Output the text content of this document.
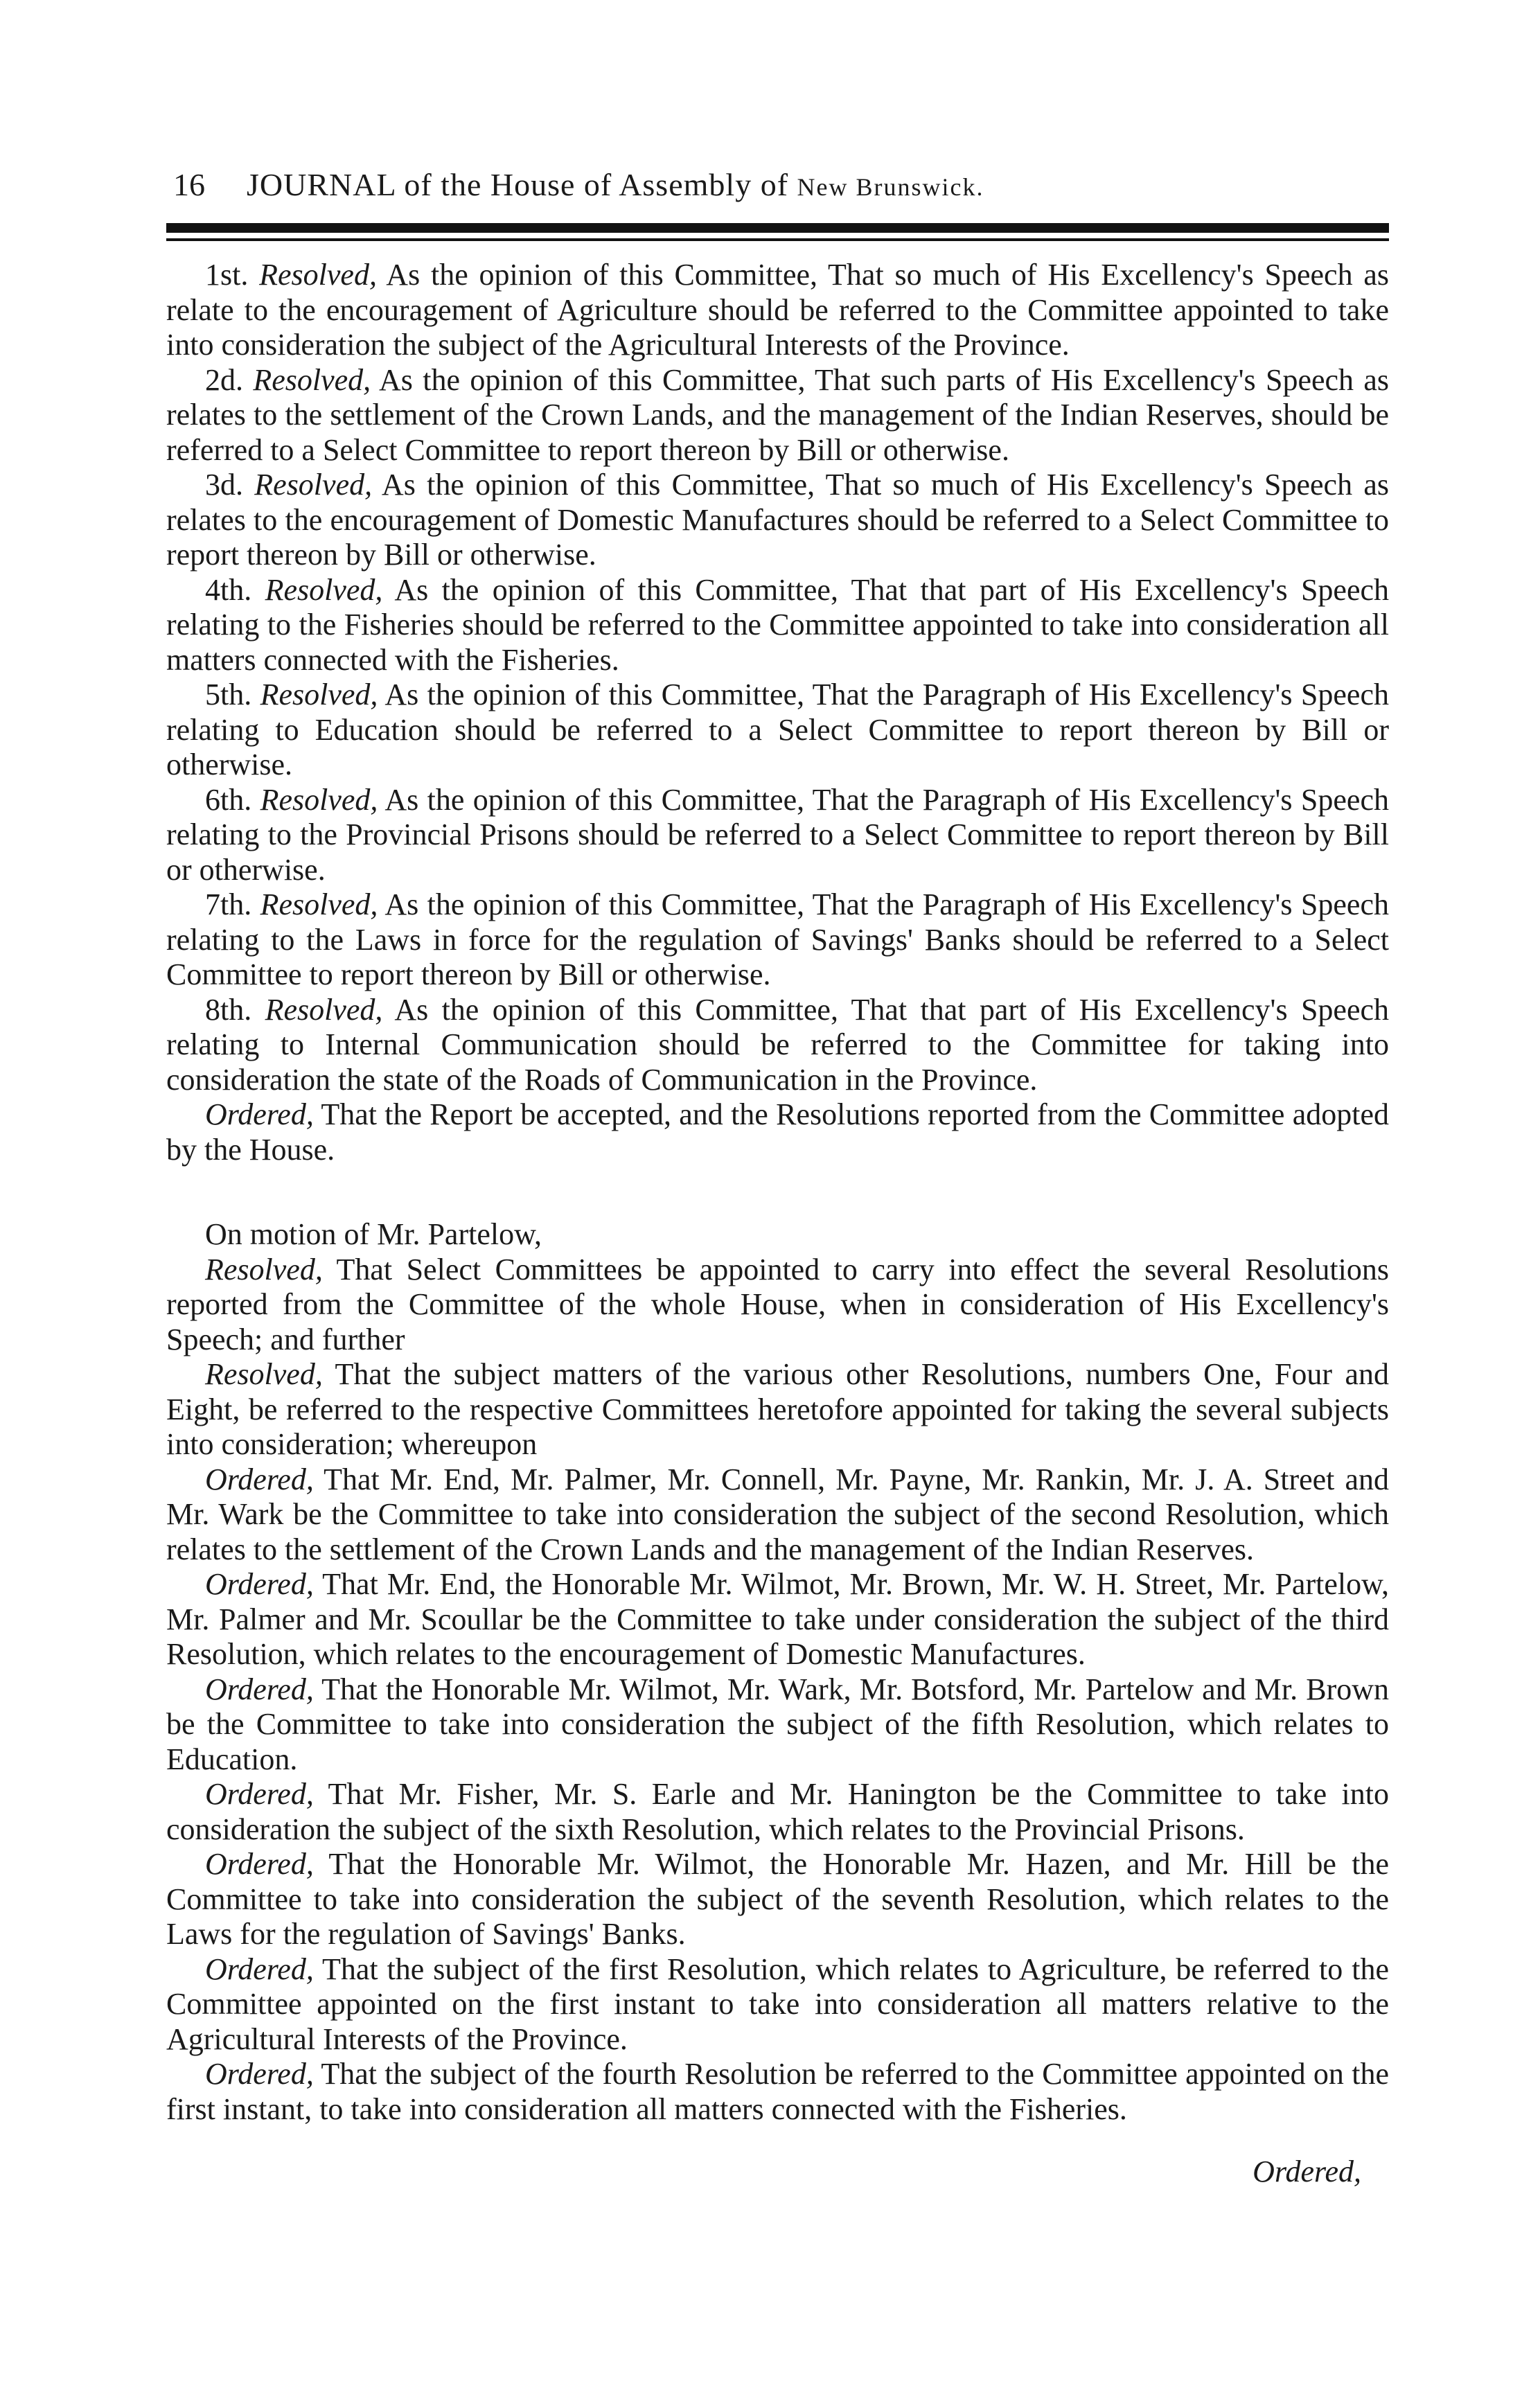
16 JOURNAL of the House of Assembly of New Brunswick.

1st. Resolved, As the opinion of this Committee, That so much of His Excellency's Speech as relate to the encouragement of Agriculture should be referred to the Committee appointed to take into consideration the subject of the Agricultural Interests of the Province.

2d. Resolved, As the opinion of this Committee, That such parts of His Excellency's Speech as relates to the settlement of the Crown Lands, and the management of the Indian Reserves, should be referred to a Select Committee to report thereon by Bill or otherwise.

3d. Resolved, As the opinion of this Committee, That so much of His Excellency's Speech as relates to the encouragement of Domestic Manufactures should be referred to a Select Committee to report thereon by Bill or otherwise.

4th. Resolved, As the opinion of this Committee, That that part of His Excellency's Speech relating to the Fisheries should be referred to the Committee appointed to take into consideration all matters connected with the Fisheries.

5th. Resolved, As the opinion of this Committee, That the Paragraph of His Excellency's Speech relating to Education should be referred to a Select Committee to report thereon by Bill or otherwise.

6th. Resolved, As the opinion of this Committee, That the Paragraph of His Excellency's Speech relating to the Provincial Prisons should be referred to a Select Committee to report thereon by Bill or otherwise.

7th. Resolved, As the opinion of this Committee, That the Paragraph of His Excellency's Speech relating to the Laws in force for the regulation of Savings' Banks should be referred to a Select Committee to report thereon by Bill or otherwise.

8th. Resolved, As the opinion of this Committee, That that part of His Excellency's Speech relating to Internal Communication should be referred to the Committee for taking into consideration the state of the Roads of Communication in the Province.

Ordered, That the Report be accepted, and the Resolutions reported from the Committee adopted by the House.

On motion of Mr. Partelow,

Resolved, That Select Committees be appointed to carry into effect the several Resolutions reported from the Committee of the whole House, when in consideration of His Excellency's Speech; and further

Resolved, That the subject matters of the various other Resolutions, numbers One, Four and Eight, be referred to the respective Committees heretofore appointed for taking the several subjects into consideration; whereupon

Ordered, That Mr. End, Mr. Palmer, Mr. Connell, Mr. Payne, Mr. Rankin, Mr. J. A. Street and Mr. Wark be the Committee to take into consideration the subject of the second Resolution, which relates to the settlement of the Crown Lands and the management of the Indian Reserves.

Ordered, That Mr. End, the Honorable Mr. Wilmot, Mr. Brown, Mr. W. H. Street, Mr. Partelow, Mr. Palmer and Mr. Scoullar be the Committee to take under consideration the subject of the third Resolution, which relates to the encouragement of Domestic Manufactures.

Ordered, That the Honorable Mr. Wilmot, Mr. Wark, Mr. Botsford, Mr. Partelow and Mr. Brown be the Committee to take into consideration the subject of the fifth Resolution, which relates to Education.

Ordered, That Mr. Fisher, Mr. S. Earle and Mr. Hanington be the Committee to take into consideration the subject of the sixth Resolution, which relates to the Provincial Prisons.

Ordered, That the Honorable Mr. Wilmot, the Honorable Mr. Hazen, and Mr. Hill be the Committee to take into consideration the subject of the seventh Resolution, which relates to the Laws for the regulation of Savings' Banks.

Ordered, That the subject of the first Resolution, which relates to Agriculture, be referred to the Committee appointed on the first instant to take into consideration all matters relative to the Agricultural Interests of the Province.

Ordered, That the subject of the fourth Resolution be referred to the Committee appointed on the first instant, to take into consideration all matters connected with the Fisheries.

Ordered,
